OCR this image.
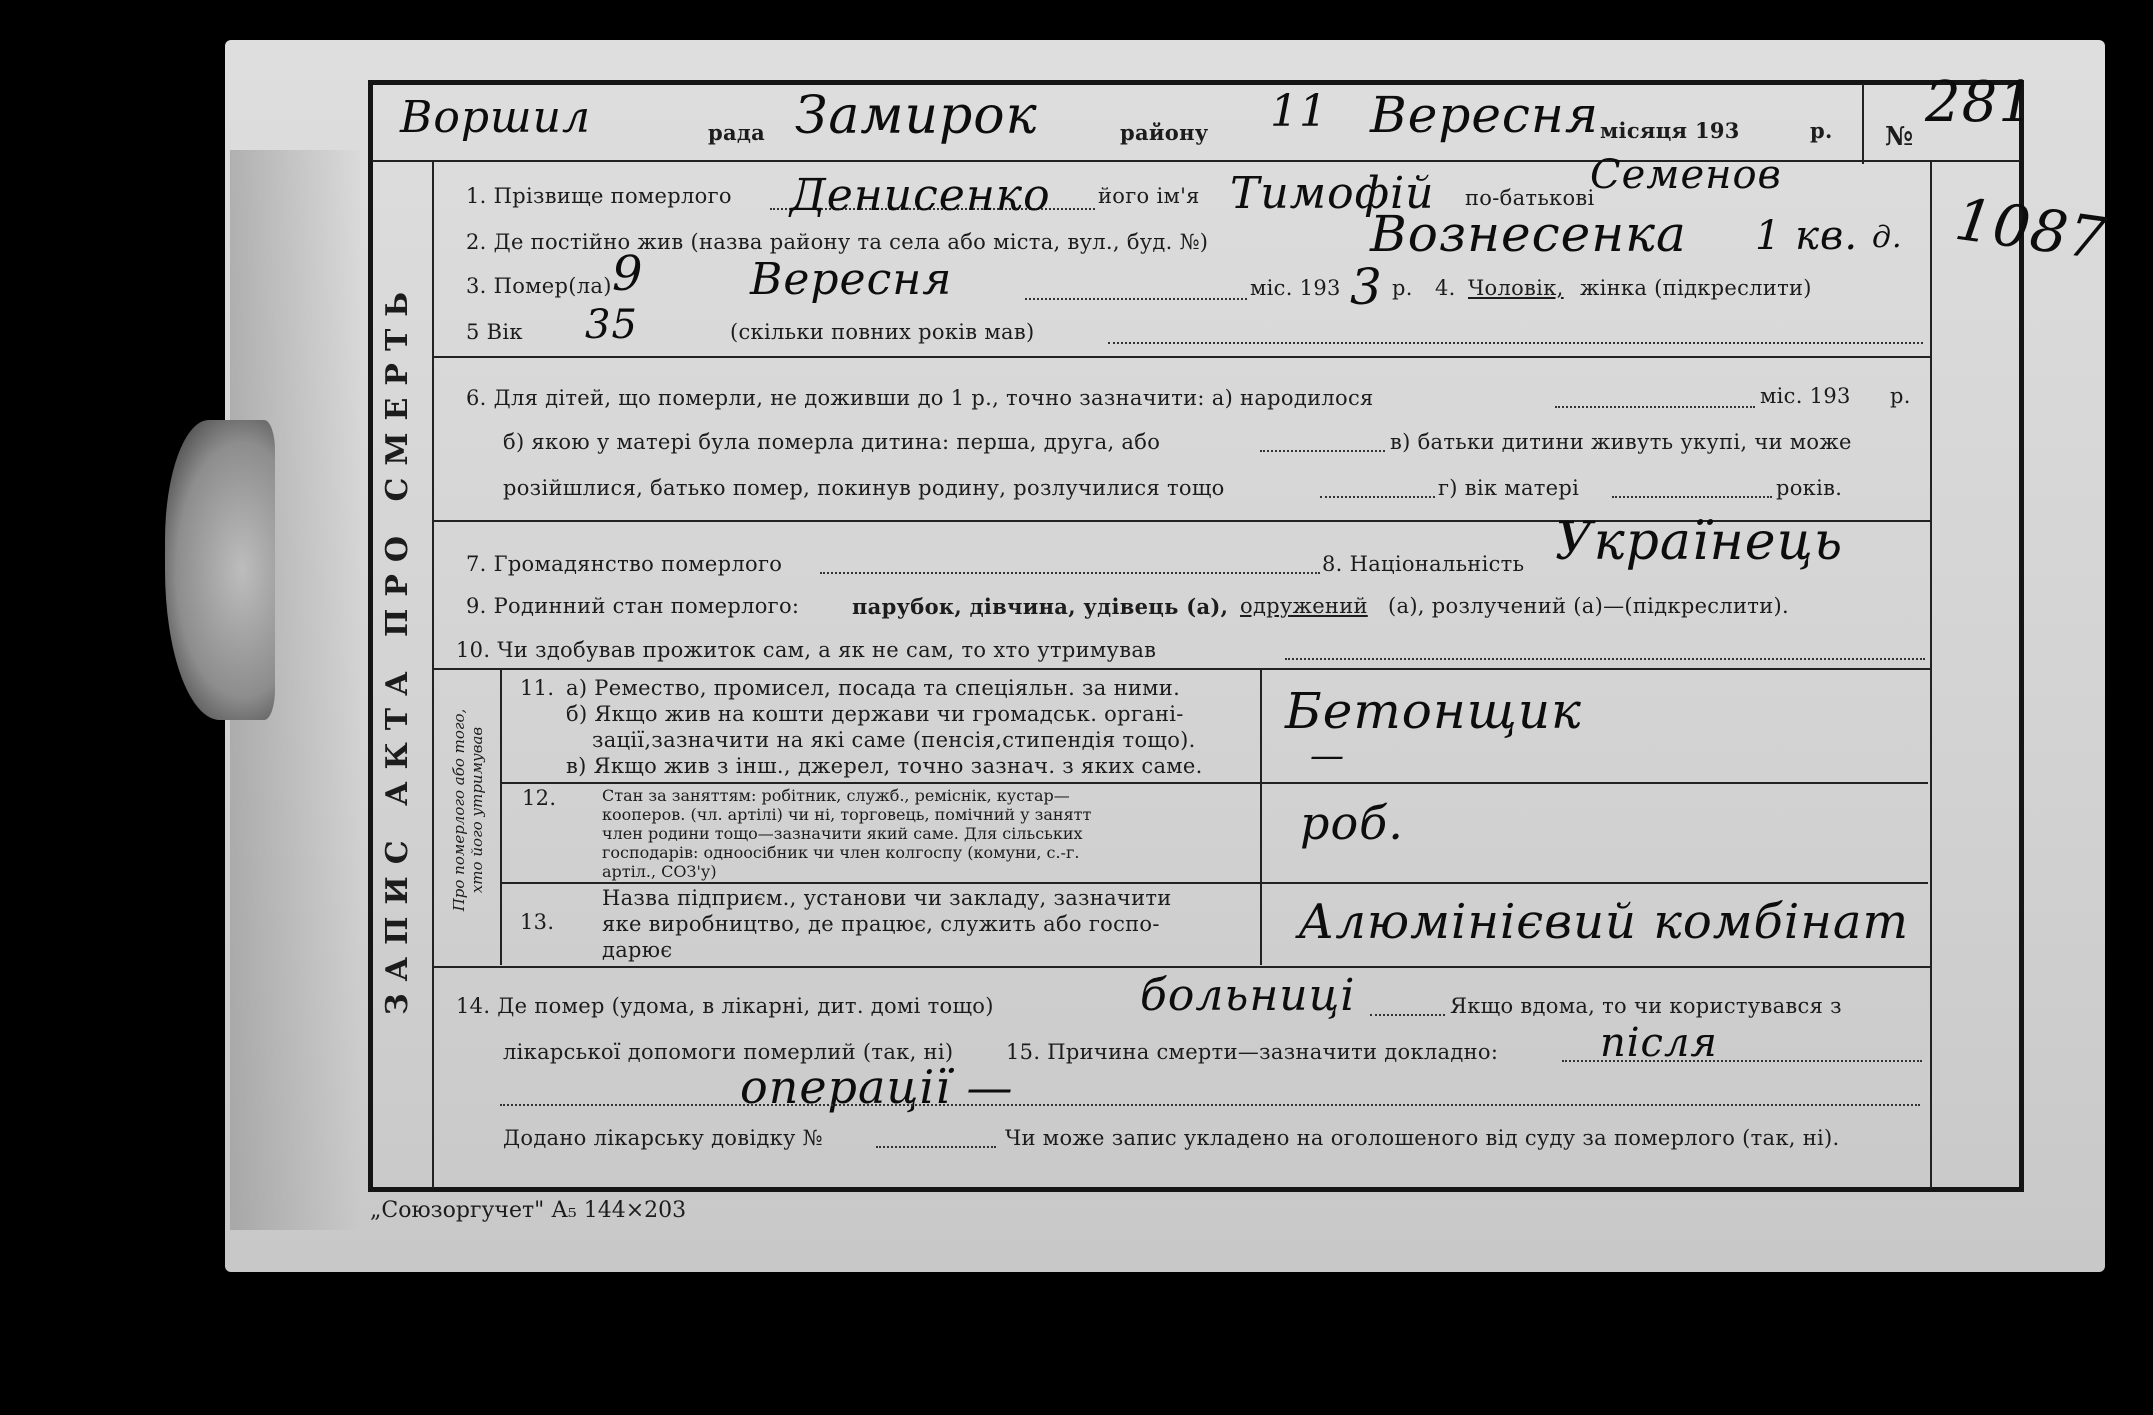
Воршил	рада Замирок	району 11 Вересня місяця 193	р. №
281
ЗАПИС АКТА ПРО СМЕРТЬ
1087
1. Прізвище померлого Денисенко його ім'я Тимофій по-батькові
Семенов
2. Де постійно жив (назва району та села або міста, вул., буд. №)	Вознесенка 1 кв. д.
3. Помер(ла) 9 Вересня	міс. 193 3 р. 4. Чоловік, жінка (підкреслити)
5 Вік 35	(скільки повних років мав)
6. Для дітей, що померли, не доживши до 1 р., точно зазначити: а) народилося	міс. 193 р.
б) якою у матері була померла дитина: перша, друга, або	в) батьки дитини живуть укупі, чи може
розійшлися, батько помер, покинув родину, розлучилися тощо	г) вік матері	років.
7. Громадянство померлого	8. Національність Українець
9. Родинний стан померлого:	парубок, дівчина, удівець (а), одружений (а), розлучений (а)—(підкреслити).
10. Чи здобував прожиток сам, а як не сам, то хто утримував
Про померлого або того, хто його утримував
11. а) Ремество, промисел, посада та спеціяльн. за ними.
б) Якщо жив на кошти держави чи громадськ. органі-
зації,зазначити на які саме (пенсія,стипендія тощо).
в) Якщо жив з інш., джерел, точно зазнач. з яких саме.
Бетонщик
—
12.	Стан за заняттям: робітник, служб., реміснік, кустар—
кооперов. (чл. артілі) чи ні, торговець, помічний у занятт
член родини тощо—зазначити який саме. Для сільських
господарів: одноосібник чи член колгоспу (комуни, с.-г.
артіл., СОЗ'у)
роб.
13.
Назва підприєм., установи чи закладу, зазначити
яке виробництво, де працює, служить або госпо-
дарює	Алюмінієвий комбінат
14. Де помер (удома, в лікарні, дит. домі тощо)	больниці	Якщо вдома, то чи користувався з
лікарської допомоги померлий (так, ні)	15. Причина смерти—зазначити докладно:	після
операції —
Додано лікарську довідку №	Чи може запис укладено на оголошеного від суду за померлого (так, ні).
„Союзоргучет" А₅ 144×203
